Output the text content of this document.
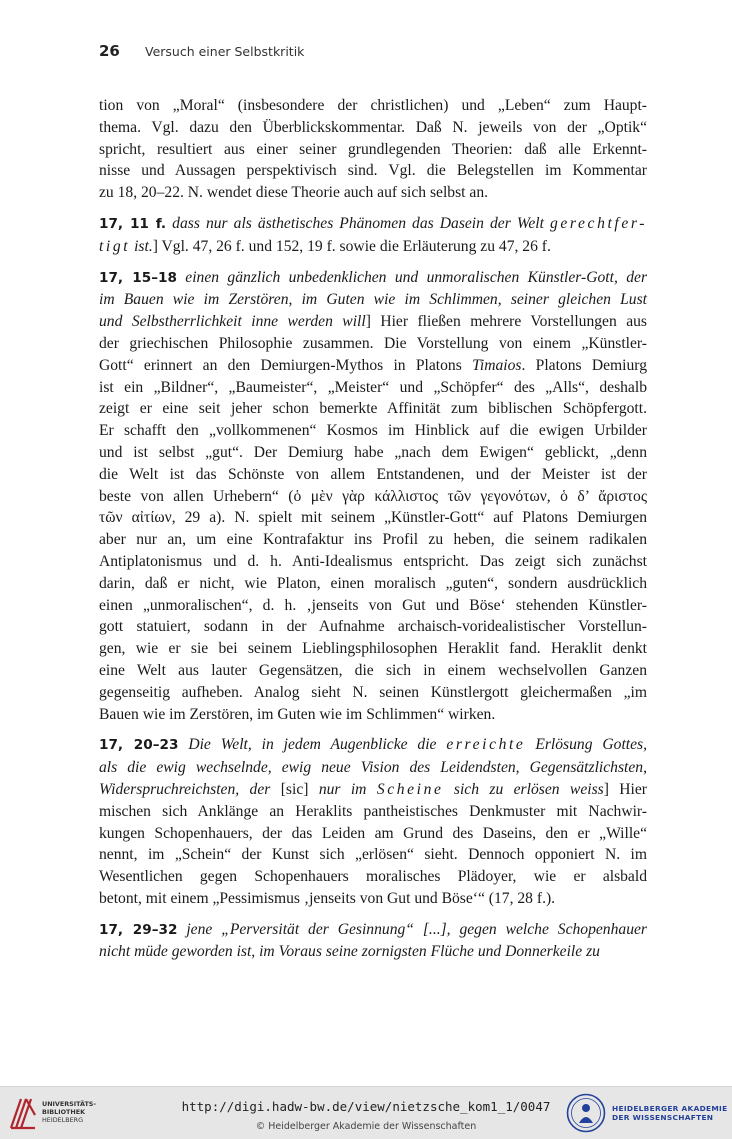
26	Versuch einer Selbstkritik
tion von „Moral“ (insbesondere der christlichen) und „Leben“ zum Haupt-
thema. Vgl. dazu den Überblickskommentar. Daß N. jeweils von der „Optik“
spricht, resultiert aus einer seiner grundlegenden Theorien: daß alle Erkennt-
nisse und Aussagen perspektivisch sind. Vgl. die Belegstellen im Kommentar
zu 18, 20–22. N. wendet diese Theorie auch auf sich selbst an.
17, 11 f. dass nur als ästhetisches Phänomen das Dasein der Welt gerechtfer-
tigt ist.] Vgl. 47, 26 f. und 152, 19 f. sowie die Erläuterung zu 47, 26 f.
17, 15–18 einen gänzlich unbedenklichen und unmoralischen Künstler-Gott, der
im Bauen wie im Zerstören, im Guten wie im Schlimmen, seiner gleichen Lust
und Selbstherrlichkeit inne werden will] Hier fließen mehrere Vorstellungen aus
der griechischen Philosophie zusammen. Die Vorstellung von einem „Künstler-
Gott“ erinnert an den Demiurgen-Mythos in Platons Timaios. Platons Demiurg
ist ein „Bildner“, „Baumeister“, „Meister“ und „Schöpfer“ des „Alls“, deshalb
zeigt er eine seit jeher schon bemerkte Affinität zum biblischen Schöpfergott.
Er schafft den „vollkommenen“ Kosmos im Hinblick auf die ewigen Urbilder
und ist selbst „gut“. Der Demiurg habe „nach dem Ewigen“ geblickt, „denn
die Welt ist das Schönste von allem Entstandenen, und der Meister ist der
beste von allen Urhebern“ (ὁ μὲν γὰρ κάλλιστος τῶν γεγονότων, ὁ δ’ ἄριστος
τῶν αἰτίων, 29 a). N. spielt mit seinem „Künstler-Gott“ auf Platons Demiurgen
aber nur an, um eine Kontrafaktur ins Profil zu heben, die seinem radikalen
Antiplatonismus und d. h. Anti-Idealismus entspricht. Das zeigt sich zunächst
darin, daß er nicht, wie Platon, einen moralisch „guten“, sondern ausdrücklich
einen „unmoralischen“, d. h. ‚jenseits von Gut und Böse‘ stehenden Künstler-
gott statuiert, sodann in der Aufnahme archaisch-voridealistischer Vorstellun-
gen, wie er sie bei seinem Lieblingsphilosophen Heraklit fand. Heraklit denkt
eine Welt aus lauter Gegensätzen, die sich in einem wechselvollen Ganzen
gegenseitig aufheben. Analog sieht N. seinen Künstlergott gleichermaßen „im
Bauen wie im Zerstören, im Guten wie im Schlimmen“ wirken.
17, 20–23 Die Welt, in jedem Augenblicke die erreichte Erlösung Gottes,
als die ewig wechselnde, ewig neue Vision des Leidendsten, Gegensätzlichsten,
Widerspruchreichsten, der [sic] nur im Scheine sich zu erlösen weiss] Hier
mischen sich Anklänge an Heraklits pantheistisches Denkmuster mit Nachwir-
kungen Schopenhauers, der das Leiden am Grund des Daseins, den er „Wille“
nennt, im „Schein“ der Kunst sich „erlösen“ sieht. Dennoch opponiert N. im
Wesentlichen gegen Schopenhauers moralisches Plädoyer, wie er alsbald
betont, mit einem „Pessimismus ‚jenseits von Gut und Böse‘“ (17, 28 f.).
17, 29–32 jene „Perversität der Gesinnung“ [...], gegen welche Schopenhauer
nicht müde geworden ist, im Voraus seine zornigsten Flüche und Donnerkeile zu
UNIVERSITÄTS-
BIBLIOTHEK
HEIDELBERG
http://digi.hadw-bw.de/view/nietzsche_kom1_1/0047
© Heidelberger Akademie der Wissenschaften
HEIDELBERGER AKADEMIE
DER WISSENSCHAFTEN
